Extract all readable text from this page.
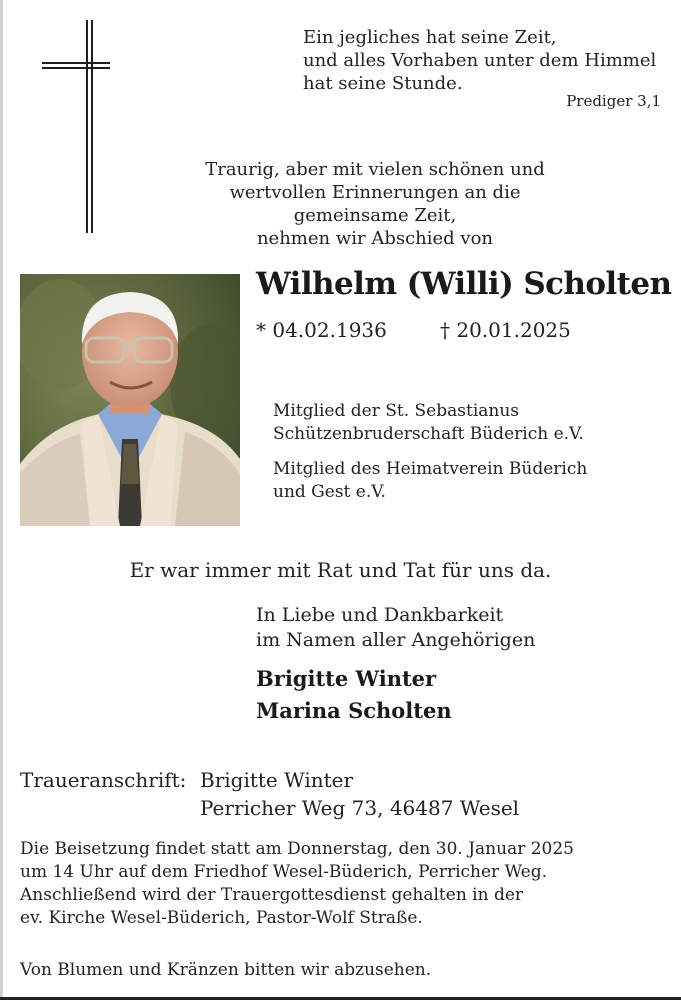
Ein jegliches hat seine Zeit,
und alles Vorhaben unter dem Himmel
hat seine Stunde.
Prediger 3,1
Traurig, aber mit vielen schönen und
wertvollen Erinnerungen an die gemeinsame Zeit,
nehmen wir Abschied von
Wilhelm (Willi) Scholten
* 04.02.1936	† 20.01.2025
Mitglied der St. Sebastianus
Schützenbruderschaft Büderich e.V.
Mitglied des Heimatverein Büderich
und Gest e.V.
Er war immer mit Rat und Tat für uns da.
In Liebe und Dankbarkeit
im Namen aller Angehörigen
Brigitte Winter
Marina Scholten
Traueranschrift: Brigitte Winter
Perricher Weg 73, 46487 Wesel
Die Beisetzung findet statt am Donnerstag, den 30. Januar 2025
um 14 Uhr auf dem Friedhof Wesel-Büderich, Perricher Weg.
Anschließend wird der Trauergottesdienst gehalten in der
ev. Kirche Wesel-Büderich, Pastor-Wolf Straße.
Von Blumen und Kränzen bitten wir abzusehen.
